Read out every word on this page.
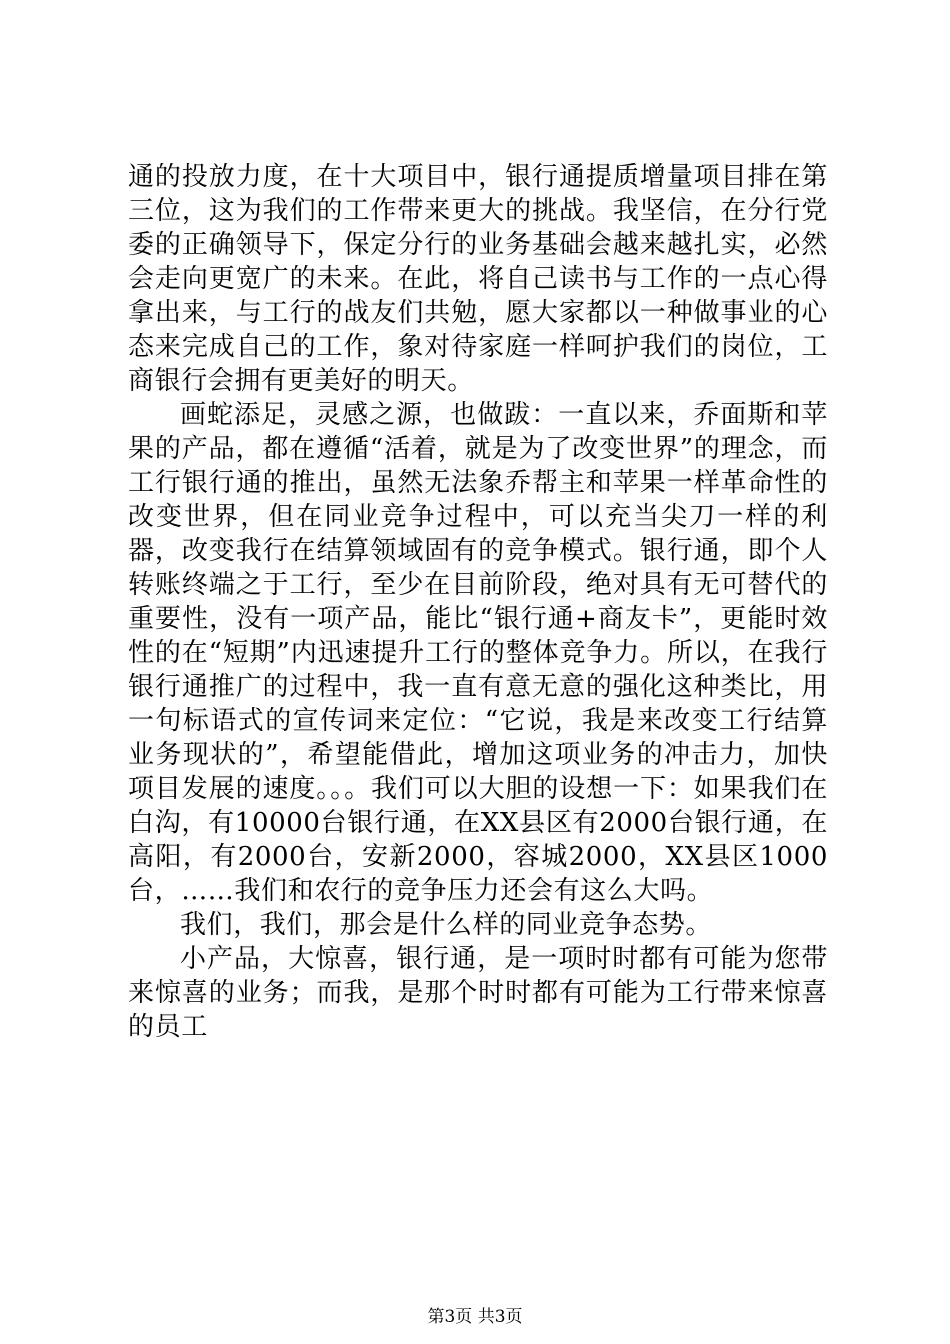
通的投放力度，在十大项目中，银行通提质增量项目排在第三位，这为我们的工作带来更大的挑战。我坚信，在分行党委的正确领导下，保定分行的业务基础会越来越扎实，必然会走向更宽广的未来。在此，将自己读书与工作的一点心得拿出来，与工行的战友们共勉，愿大家都以一种做事业的心态来完成自己的工作，象对待家庭一样呵护我们的岗位，工商银行会拥有更美好的明天。

画蛇添足，灵感之源，也做跋：一直以来，乔面斯和苹果的产品，都在遵循“活着，就是为了改变世界”的理念，而工行银行通的推出，虽然无法象乔帮主和苹果一样革命性的改变世界，但在同业竞争过程中，可以充当尖刀一样的利器，改变我行在结算领域固有的竞争模式。银行通，即个人转账终端之于工行，至少在目前阶段，绝对具有无可替代的重要性，没有一项产品，能比“银行通+商友卡”，更能时效性的在“短期”内迅速提升工行的整体竞争力。所以，在我行银行通推广的过程中，我一直有意无意的强化这种类比，用一句标语式的宣传词来定位：“它说，我是来改变工行结算业务现状的”，希望能借此，增加这项业务的冲击力，加快项目发展的速度。。。我们可以大胆的设想一下：如果我们在白沟，有10000台银行通，在XX县区有2000台银行通，在高阳，有2000台，安新2000，容城2000，XX县区1000台，……我们和农行的竞争压力还会有这么大吗。

我们，我们，那会是什么样的同业竞争态势。

小产品，大惊喜，银行通，是一项时时都有可能为您带来惊喜的业务；而我，是那个时时都有可能为工行带来惊喜的员工

第3页 共3页
